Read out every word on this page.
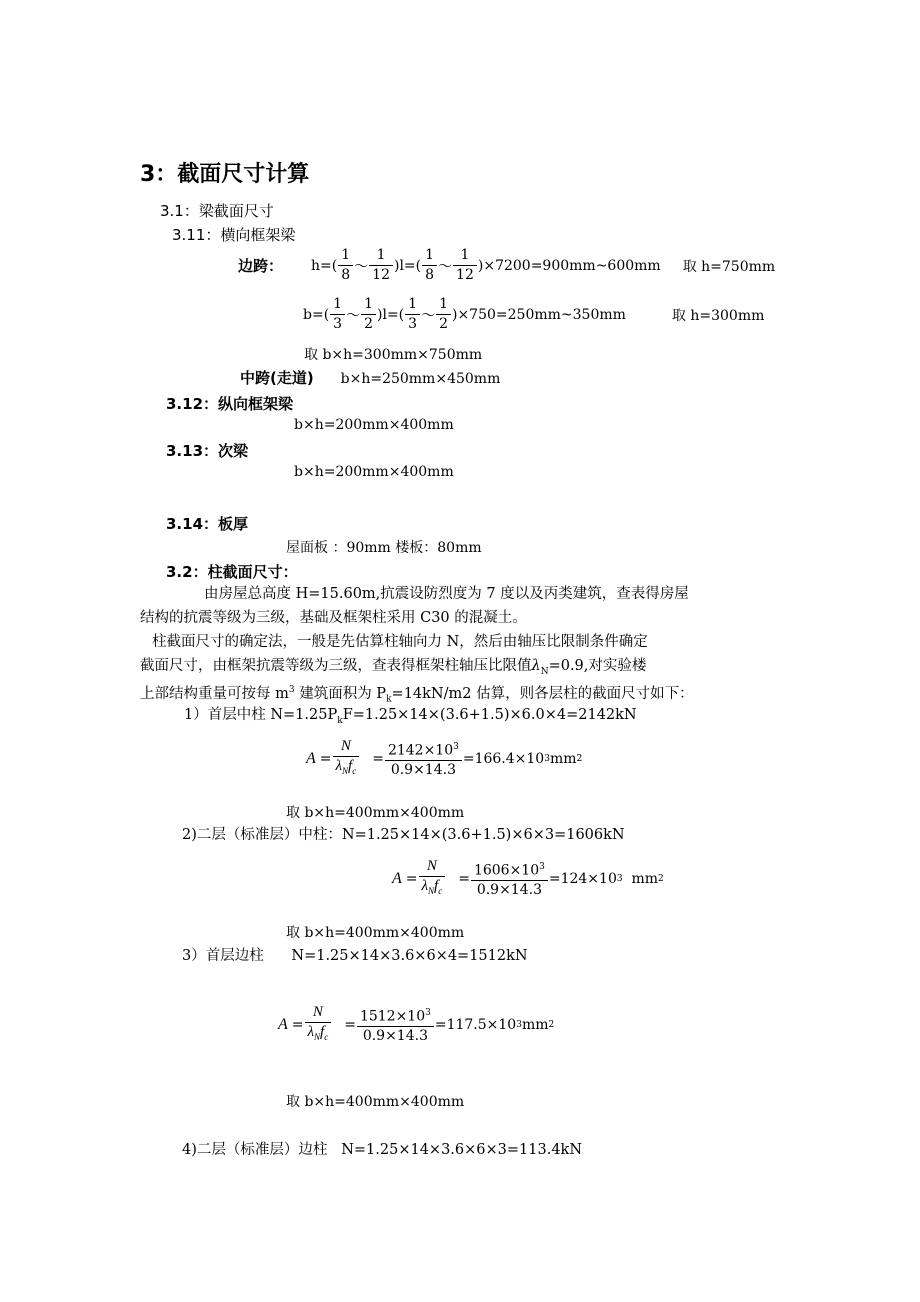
3：截面尺寸计算
3.1：梁截面尺寸
3.11：横向框架梁
边跨： $h=( \frac{1}{8}$ ～ $\frac{1}{12} )l=( \frac{1}{8}$ ～ $\frac{1}{12}$ )×7200=900mm~600mm 取 h=750mm
$b=( \frac{1}{3}$ ～ $\frac{1}{2} )l=( \frac{1}{3}$ ～ $\frac{1}{2}$ )×750=250mm~350mm	取 h=300mm
取 b×h=300mm×750mm
中跨(走道) b×h=250mm×450mm
3.12：纵向框架梁
b×h=200mm×400mm
3.13：次梁
b×h=200mm×400mm
3.14：板厚
屋面板 ：90mm 楼板：80mm
3.2：柱截面尺寸：
由房屋总高度 H=15.60m,抗震设防烈度为 7 度以及丙类建筑，查表得房屋
结构的抗震等级为三级，基础及框架柱采用 C30 的混凝土。
柱截面尺寸的确定法，一般是先估算柱轴向力 N，然后由轴压比限制条件确定
截面尺寸，由框架抗震等级为三级，查表得框架柱轴压比限值$\lambda_N=0.9$,对实验楼
上部结构重量可按每 $m^3$ 建筑面积为 $P_k=14kN/m2$ 估算，则各层柱的截面尺寸如下：
1）首层中柱 $N=1.25P_kF=1.25\times 14\times(3.6+1.5)\times 6.0\times 4=2142kN$
$A = \frac{N}{\lambda_Nf_c} = \frac{2142\times 10^3}{0.9\times 14.3} =166.4\times 10$ 3 mm 2
取 b×h=400mm×400mm
2)二层（标准层）中柱：N=1.25×14×(3.6+1.5)×6×3=1606kN
$A = \frac{N}{\lambda_Nf_c} = \frac{1606\times 10^3}{0.9\times 14.3} =124\times 10$ 3 mm 2
取 b×h=400mm×400mm
3）首层边柱      N=1.25×14×3.6×6×4=1512kN
$A = \frac{N}{\lambda_Nf_c} = \frac{1512\times 10^3}{0.9\times 14.3} =117.5\times 10$ 3 mm 2
取 b×h=400mm×400mm
4)二层（标准层）边柱   N=1.25×14×3.6×6×3=113.4kN
